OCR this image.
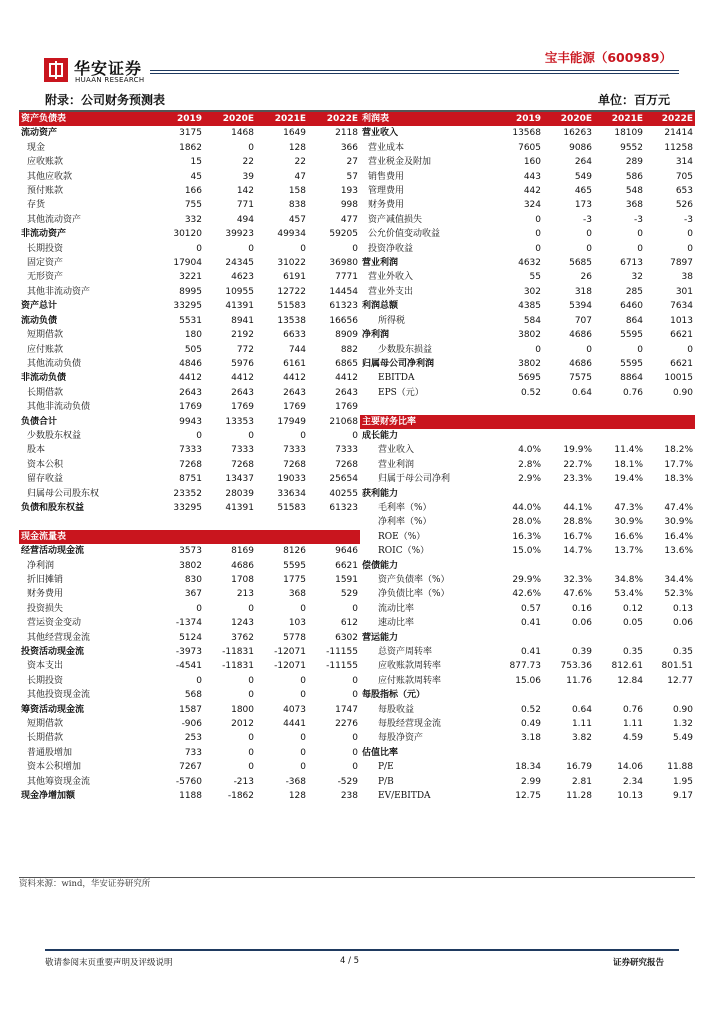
华安证券
HUAAN RESEARCH
宝丰能源（600989）
附录：公司财务预测表	单位：百万元
资产负债表	2019	2020E	2021E	2022E
流动资产	3175	1468	1649	2118
现金	1862	0	128	366
应收账款	15	22	22	27
其他应收款	45	39	47	57
预付账款	166	142	158	193
存货	755	771	838	998
其他流动资产	332	494	457	477
非流动资产	30120	39923	49934	59205
长期投资	0	0	0	0
固定资产	17904	24345	31022	36980
无形资产	3221	4623	6191	7771
其他非流动资产	8995	10955	12722	14454
资产总计	33295	41391	51583	61323
流动负债	5531	8941	13538	16656
短期借款	180	2192	6633	8909
应付账款	505	772	744	882
其他流动负债	4846	5976	6161	6865
非流动负债	4412	4412	4412	4412
长期借款	2643	2643	2643	2643
其他非流动负债	1769	1769	1769	1769
负债合计	9943	13353	17949	21068
少数股东权益	0	0	0	0
股本	7333	7333	7333	7333
资本公积	7268	7268	7268	7268
留存收益	8751	13437	19033	25654
归属母公司股东权	23352	28039	33634	40255
负债和股东权益	33295	41391	51583	61323

现金流量表				
经营活动现金流	3573	8169	8126	9646
净利润	3802	4686	5595	6621
折旧摊销	830	1708	1775	1591
财务费用	367	213	368	529
投资损失	0	0	0	0
营运资金变动	-1374	1243	103	612
其他经营现金流	5124	3762	5778	6302
投资活动现金流	-3973	-11831	-12071	-11155
资本支出	-4541	-11831	-12071	-11155
长期投资	0	0	0	0
其他投资现金流	568	0	0	0
筹资活动现金流	1587	1800	4073	1747
短期借款	-906	2012	4441	2276
长期借款	253	0	0	0
普通股增加	733	0	0	0
资本公积增加	7267	0	0	0
其他筹资现金流	-5760	-213	-368	-529
现金净增加额	1188	-1862	128	238
利润表	2019	2020E	2021E	2022E
营业收入	13568	16263	18109	21414
营业成本	7605	9086	9552	11258
营业税金及附加	160	264	289	314
销售费用	443	549	586	705
管理费用	442	465	548	653
财务费用	324	173	368	526
资产减值损失	0	-3	-3	-3
公允价值变动收益	0	0	0	0
投资净收益	0	0	0	0
营业利润	4632	5685	6713	7897
营业外收入	55	26	32	38
营业外支出	302	318	285	301
利润总额	4385	5394	6460	7634
所得税	584	707	864	1013
净利润	3802	4686	5595	6621
少数股东损益	0	0	0	0
归属母公司净利润	3802	4686	5595	6621
EBITDA	5695	7575	8864	10015
EPS（元）	0.52	0.64	0.76	0.90

主要财务比率				
成长能力				
营业收入	4.0%	19.9%	11.4%	18.2%
营业利润	2.8%	22.7%	18.1%	17.7%
归属于母公司净利	2.9%	23.3%	19.4%	18.3%
获利能力				
毛利率（%）	44.0%	44.1%	47.3%	47.4%
净利率（%）	28.0%	28.8%	30.9%	30.9%
ROE（%）	16.3%	16.7%	16.6%	16.4%
ROIC（%）	15.0%	14.7%	13.7%	13.6%
偿债能力				
资产负债率（%）	29.9%	32.3%	34.8%	34.4%
净负债比率（%）	42.6%	47.6%	53.4%	52.3%
流动比率	0.57	0.16	0.12	0.13
速动比率	0.41	0.06	0.05	0.06
营运能力				
总资产周转率	0.41	0.39	0.35	0.35
应收账款周转率	877.73	753.36	812.61	801.51
应付账款周转率	15.06	11.76	12.84	12.77
每股指标（元）				
每股收益	0.52	0.64	0.76	0.90
每股经营现金流	0.49	1.11	1.11	1.32
每股净资产	3.18	3.82	4.59	5.49
估值比率				
P/E	18.34	16.79	14.06	11.88
P/B	2.99	2.81	2.34	1.95
EV/EBITDA	12.75	11.28	10.13	9.17
资料来源：wind，华安证券研究所
敬请参阅末页重要声明及评级说明	4 / 5	证券研究报告
